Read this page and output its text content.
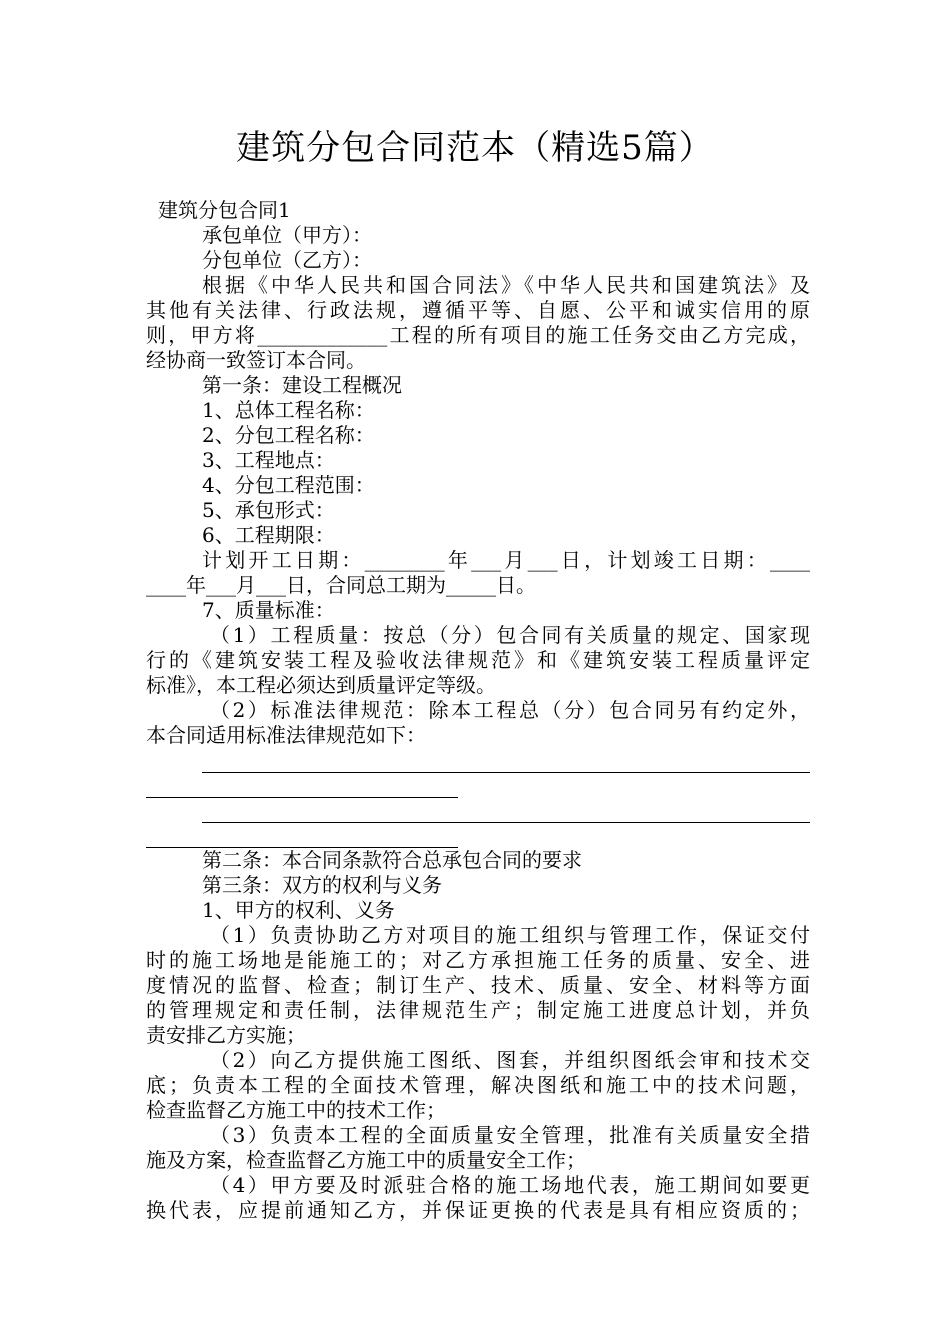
建筑分包合同范本（精选5篇）
建筑分包合同1
承包单位（甲方）：
分包单位（乙方）：
根据《中华人民共和国合同法》《中华人民共和国建筑法》及
其他有关法律、行政法规，遵循平等、自愿、公平和诚实信用的原
则，甲方将_____________工程的所有项目的施工任务交由乙方完成，
经协商一致签订本合同。
第一条：建设工程概况
1、总体工程名称：
2、分包工程名称：
3、工程地点：
4、分包工程范围：
5、承包形式：
6、工程期限：
计划开工日期：________年___月___日，计划竣工日期：____
____年___月___日，合同总工期为_____日。
7、质量标准：
（1）工程质量：按总（分）包合同有关质量的规定、国家现
行的《建筑安装工程及验收法律规范》和《建筑安装工程质量评定
标准》，本工程必须达到质量评定等级。
（2）标准法律规范：除本工程总（分）包合同另有约定外，
本合同适用标准法律规范如下：
第二条：本合同条款符合总承包合同的要求
第三条：双方的权利与义务
1、甲方的权利、义务
（1）负责协助乙方对项目的施工组织与管理工作，保证交付
时的施工场地是能施工的；对乙方承担施工任务的质量、安全、进
度情况的监督、检查；制订生产、技术、质量、安全、材料等方面
的管理规定和责任制，法律规范生产；制定施工进度总计划，并负
责安排乙方实施；
（2）向乙方提供施工图纸、图套，并组织图纸会审和技术交
底；负责本工程的全面技术管理，解决图纸和施工中的技术问题，
检查监督乙方施工中的技术工作；
（3）负责本工程的全面质量安全管理，批准有关质量安全措
施及方案，检查监督乙方施工中的质量安全工作；
（4）甲方要及时派驻合格的施工场地代表，施工期间如要更
换代表，应提前通知乙方，并保证更换的代表是具有相应资质的；
